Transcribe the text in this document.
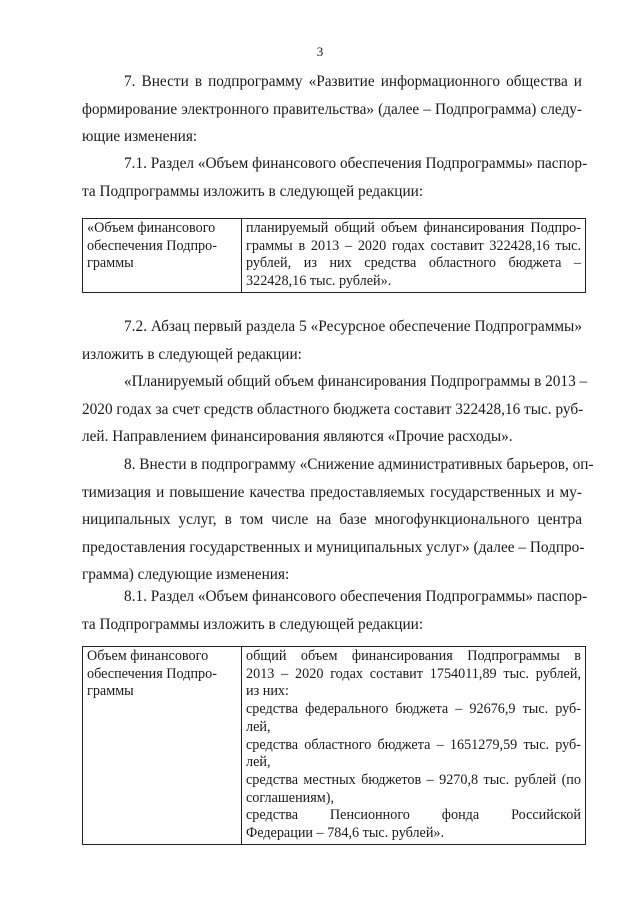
3
7. Внести в подпрограмму «Развитие информационного общества и
формирование электронного правительства» (далее – Подпрограмма) следу-
ющие изменения:
7.1. Раздел «Объем финансового обеспечения Подпрограммы» паспор-
та Подпрограммы изложить в следующей редакции:
«Объем финансового
обеспечения Подпро-
граммы

планируемый общий объем финансирования Подпро-
граммы в 2013 – 2020 годах составит 322428,16 тыс.
рублей, из них средства областного бюджета –
322428,16 тыс. рублей».
7.2. Абзац первый раздела 5 «Ресурсное обеспечение Подпрограммы»
изложить в следующей редакции:
«Планируемый общий объем финансирования Подпрограммы в 2013 –
2020 годах за счет средств областного бюджета составит 322428,16 тыс. руб-
лей. Направлением финансирования являются «Прочие расходы».
8. Внести в подпрограмму «Снижение административных барьеров, оп-
тимизация и повышение качества предоставляемых государственных и му-
ниципальных услуг, в том числе на базе многофункционального центра
предоставления государственных и муниципальных услуг» (далее – Подпро-
грамма) следующие изменения:
8.1. Раздел «Объем финансового обеспечения Подпрограммы» паспор-
та Подпрограммы изложить в следующей редакции:
Объем финансового
обеспечения Подпро-
граммы

общий объем финансирования Подпрограммы в
2013 – 2020 годах составит 1754011,89 тыс. рублей,
из них:
средства федерального бюджета – 92676,9 тыс. руб-
лей,
средства областного бюджета – 1651279,59 тыс. руб-
лей,
средства местных бюджетов – 9270,8 тыс. рублей (по
соглашениям),
средства Пенсионного фонда Российской
Федерации – 784,6 тыс. рублей».
